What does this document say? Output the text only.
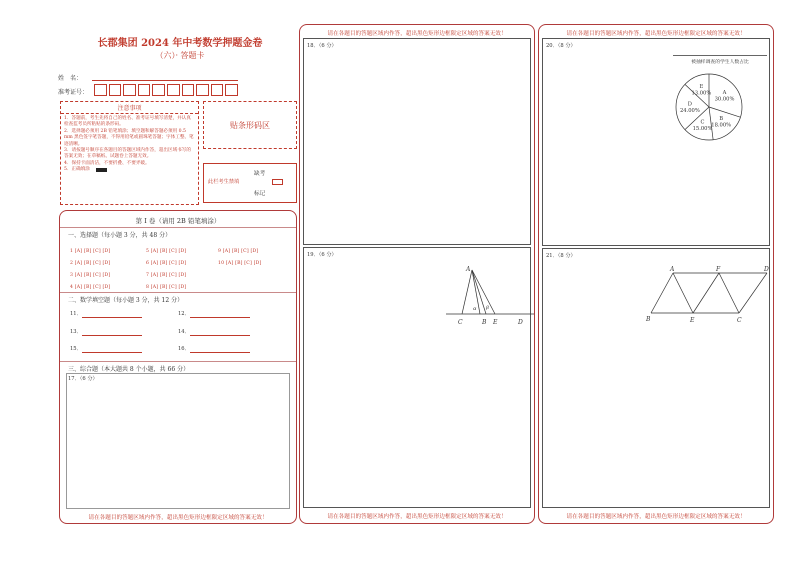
长郡集团 2024 年中考数学押题金卷
（六）· 答题卡
姓　名：
准考证号：
注意事项
1．答题前，考生先将自己的姓名、准考证号填写清楚，并认真检查监考员所粘贴的条形码。
2．选择题必须用 2B 铅笔填涂；填空题和解答题必须用 0.5 mm 黑色签字笔答题，不得用铅笔或圆珠笔答题；字体工整、笔迹清晰。
3．请按题号顺序在各题目的答题区域内作答，超出区域书写的答案无效；在草稿纸、试题卷上答题无效。
4．保持卡面清洁，不要折叠、不要弄破。
5．正确填涂
贴条形码区
此栏考生禁填
缺考
标记
第 I 卷（请用 2B 铅笔填涂）
一、选择题（每小题 3 分，共 48 分）
1 [A] [B] [C] [D]
2 [A] [B] [C] [D]
3 [A] [B] [C] [D]
4 [A] [B] [C] [D]
5 [A] [B] [C] [D]
6 [A] [B] [C] [D]
7 [A] [B] [C] [D]
8 [A] [B] [C] [D]
9 [A] [B] [C] [D]
10 [A] [B] [C] [D]
二、数学填空题（每小题 3 分，共 12 分）
11．	12．
13．	14．
15．	16．
三、综合题（本大题共 8 个小题，共 66 分）
17．（6 分）
请在各题目的答题区域内作答，超出黑色矩形边框限定区域的答案无效！
请在各题目的答题区域内作答，超出黑色矩形边框限定区域的答案无效！
18．（6 分）
19．（6 分）
A
C	B E	D
α β
请在各题目的答题区域内作答，超出黑色矩形边框限定区域的答案无效！
请在各题目的答题区域内作答，超出黑色矩形边框限定区域的答案无效！
20．（8 分）
被抽样调查的学生人数占比
A
30.00%
B
18.00%
C
15.00%
D
24.00%
E
13.00%
21．（8 分）
A	F	D
B	E	C
请在各题目的答题区域内作答，超出黑色矩形边框限定区域的答案无效！
